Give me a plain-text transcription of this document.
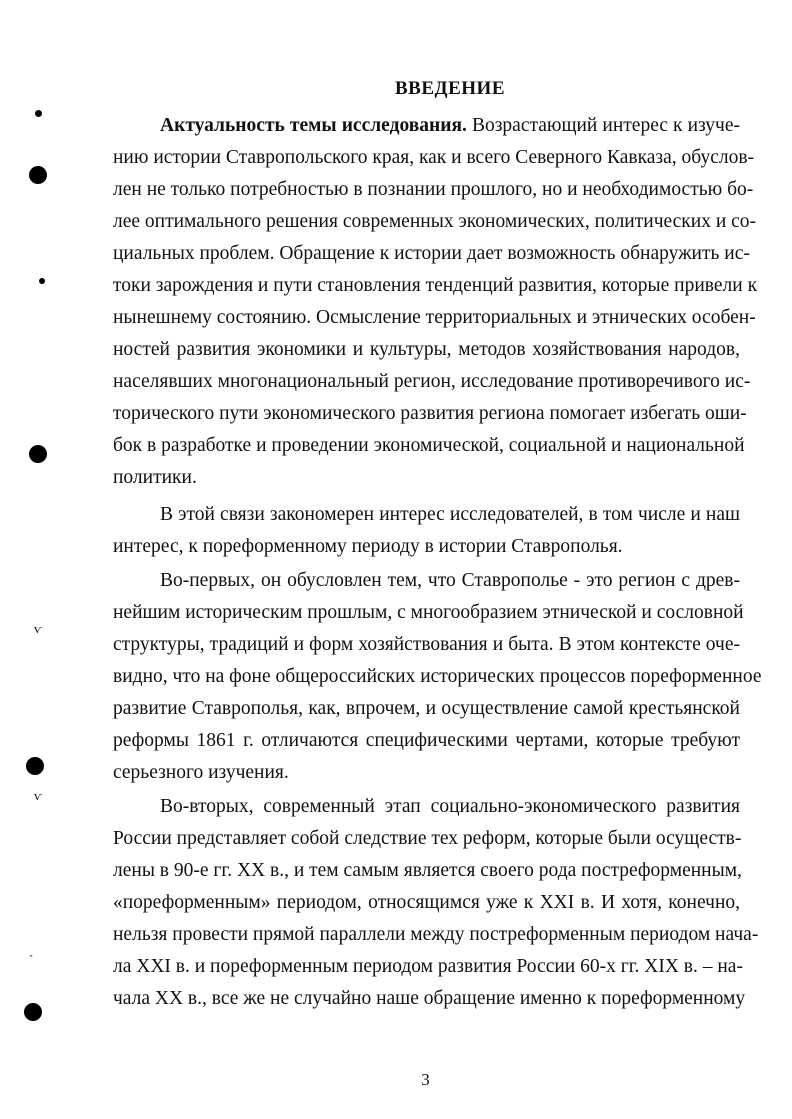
ⱱ
ⱱ
ˋ
ВВЕДЕНИЕ
Актуальность темы исследования. Возрастающий интерес к изуче-
нию истории Ставропольского края, как и всего Северного Кавказа, обуслов-
лен не только потребностью в познании прошлого, но и необходимостью бо-
лее оптимального решения современных экономических, политических и со-
циальных проблем. Обращение к истории дает возможность обнаружить ис-
токи зарождения и пути становления тенденций развития, которые привели к
нынешнему состоянию. Осмысление территориальных и этнических особен-
ностей развития экономики и культуры, методов хозяйствования народов,
населявших многонациональный регион, исследование противоречивого ис-
торического пути экономического развития региона помогает избегать оши-
бок в разработке и проведении экономической, социальной и национальной
политики.
В этой связи закономерен интерес исследователей, в том числе и наш
интерес, к пореформенному периоду в истории Ставрополья.
Во-первых, он обусловлен тем, что Ставрополье - это регион с древ-
нейшим историческим прошлым, с многообразием этнической и сословной
структуры, традиций и форм хозяйствования и быта. В этом контексте оче-
видно, что на фоне общероссийских исторических процессов пореформенное
развитие Ставрополья, как, впрочем, и осуществление самой крестьянской
реформы 1861 г. отличаются специфическими чертами, которые требуют
серьезного изучения.
Во-вторых, современный этап социально-экономического развития
России представляет собой следствие тех реформ, которые были осуществ-
лены в 90-е гг. XX в., и тем самым является своего рода постреформенным,
«пореформенным» периодом, относящимся уже к XXI в. И хотя, конечно,
нельзя провести прямой параллели между постреформенным периодом нача-
ла XXI в. и пореформенным периодом развития России 60-х гг. XIX в. – на-
чала XX в., все же не случайно наше обращение именно к пореформенному
3
